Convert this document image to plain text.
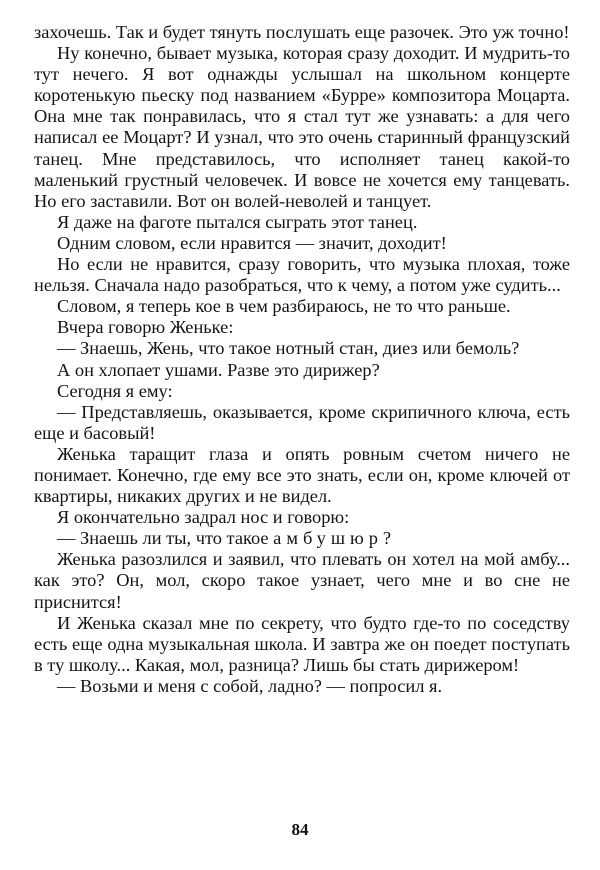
захочешь. Так и будет тянуть послушать еще разочек. Это уж точно!

Ну конечно, бывает музыка, которая сразу доходит. И мудрить-то тут нечего. Я вот однажды услышал на школьном концерте коротенькую пьеску под названием «Бурре» композитора Моцарта. Она мне так понравилась, что я стал тут же узнавать: а для чего написал ее Моцарт? И узнал, что это очень старинный французский танец. Мне представилось, что исполняет танец какой-то маленький грустный человечек. И вовсе не хочется ему танцевать. Но его заставили. Вот он волей-неволей и танцует.

Я даже на фаготе пытался сыграть этот танец.

Одним словом, если нравится — значит, доходит!

Но если не нравится, сразу говорить, что музыка плохая, тоже нельзя. Сначала надо разобраться, что к чему, а потом уже судить...

Словом, я теперь кое в чем разбираюсь, не то что раньше.

Вчера говорю Женьке:

— Знаешь, Жень, что такое нотный стан, диез или бемоль?

А он хлопает ушами. Разве это дирижер?

Сегодня я ему:

— Представляешь, оказывается, кроме скрипичного ключа, есть еще и басовый!

Женька таращит глаза и опять ровным счетом ничего не понимает. Конечно, где ему все это знать, если он, кроме ключей от квартиры, никаких других и не видел.

Я окончательно задрал нос и говорю:

— Знаешь ли ты, что такое амбушюр?

Женька разозлился и заявил, что плевать он хотел на мой амбу... как это? Он, мол, скоро такое узнает, чего мне и во сне не приснится!

И Женька сказал мне по секрету, что будто где-то по соседству есть еще одна музыкальная школа. И завтра же он поедет поступать в ту школу... Какая, мол, разница? Лишь бы стать дирижером!

— Возьми и меня с собой, ладно? — попросил я.

84
